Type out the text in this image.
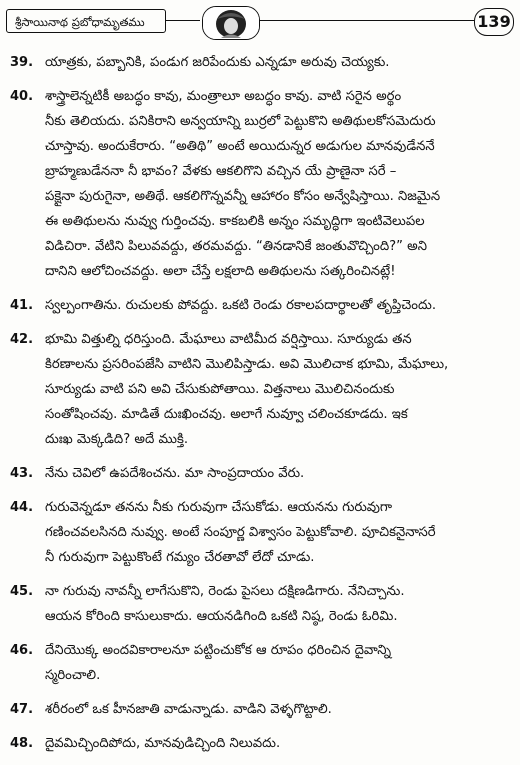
శ్రీసాయినాథ ప్రబోధామృతము	139
39. యాత్రకు, పబ్బానికి, పండుగ జరిపేందుకు ఎన్నడూ అరువు చెయ్యకు.
40. శాస్త్రాలెన్నటికీ అబద్ధం కావు, మంత్రాలూ అబద్ధం కావు. వాటి సరైన అర్థం
నీకు తెలియదు. పనికిరాని అన్వయాన్ని బుర్రలో పెట్టుకొని అతిథులకోసమెదురు
చూస్తావు. అందుకేరారు. “అతిథి” అంటే అయిదున్నర అడుగుల మానవుడేననే
బ్రాహ్మణుడేననా నీ భావం? వేళకు ఆకలిగొని వచ్చిన యే ప్రాణైనా సరే –
పక్షైనా పురుగైనా, అతిథే. ఆకలిగొన్నవన్నీ ఆహారం కోసం అన్వేషిస్తాయి. నిజమైన
ఈ అతిథులను నువ్వు గుర్తించవు. కాకబలికి అన్నం సమృద్ధిగా ఇంటివెలుపల
విడిచిరా. వేటిని పిలువవద్దు, తరమవద్దు. “తినడానికే జంతువొచ్చింది?” అని
దానిని ఆలోచించవద్దు. అలా చేస్తే లక్షలాది అతిథులను సత్కరించినట్లే!
41. స్వల్పంగాతిను. రుచులకు పోవద్దు. ఒకటి రెండు రకాలపదార్థాలతో తృప్తిచెందు.
42. భూమి విత్తుల్ని ధరిస్తుంది. మేఘాలు వాటిమీద వర్షిస్తాయి. సూర్యుడు తన
కిరణాలను ప్రసరింపజేసి వాటిని మొలిపిస్తాడు. అవి మొలిచాక భూమి, మేఘాలు,
సూర్యుడు వాటి పని అవి చేసుకుపోతాయి. విత్తనాలు మొలిచినందుకు
సంతోషించవు. మాడితే దుఃఖించవు. అలాగే నువ్వూ చలించకూడదు. ఇక
దుఃఖ మెక్కడిది? అదే ముక్తి.
43. నేను చెవిలో ఉపదేశించను. మా సాంప్రదాయం వేరు.
44. గురువెన్నడూ తనను నీకు గురువుగా చేసుకోడు. ఆయనను గురువుగా
గణించవలసినది నువ్వు. అంటే సంపూర్ణ విశ్వాసం పెట్టుకోవాలి. పూచికనైనాసరే
నీ గురువుగా పెట్టుకొంటే గమ్యం చేరతావో లేదో చూడు.
45. నా గురువు నావన్నీ లాగేసుకొని, రెండు పైసలు దక్షిణడిగారు. నేనిచ్చాను.
ఆయన కోరింది కాసులుకాదు. ఆయనడిగింది ఒకటి నిష్ఠ, రెండు ఓరిమి.
46. దేనియొక్క అందవికారాలనూ పట్టించుకోక ఆ రూపం ధరించిన దైవాన్ని
స్మరించాలి.
47. శరీరంలో ఒక హీనజాతి వాడున్నాడు. వాడిని వెళ్ళగొట్టాలి.
48. దైవమిచ్చిందిపోదు, మానవుడిచ్చింది నిలువదు.
